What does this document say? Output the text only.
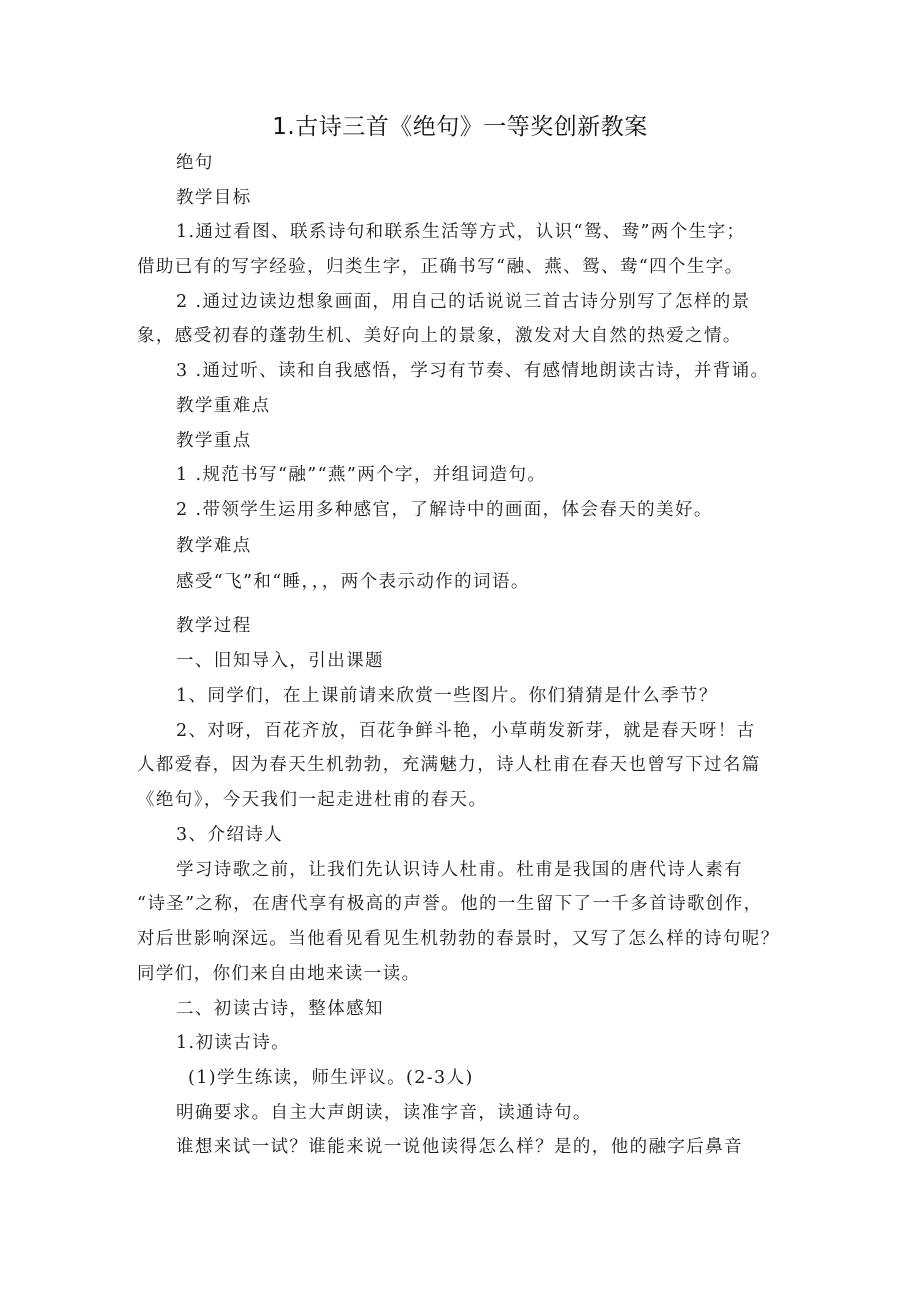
1.古诗三首《绝句》一等奖创新教案

绝句

教学目标

1.通过看图、联系诗句和联系生活等方式，认识“鸳、鸯”两个生字；

借助已有的写字经验，归类生字，正确书写“融、燕、鸳、鸯“四个生字。

2 .通过边读边想象画面，用自己的话说说三首古诗分别写了怎样的景

象，感受初春的蓬勃生机、美好向上的景象，激发对大自然的热爱之情。

3 .通过听、读和自我感悟，学习有节奏、有感情地朗读古诗，并背诵。

教学重难点

教学重点

1 .规范书写“融”“燕”两个字，并组词造句。

2 .带领学生运用多种感官，了解诗中的画面，体会春天的美好。

教学难点

感受“飞”和“睡，，，两个表示动作的词语。

教学过程

一、旧知导入，引出课题

1、同学们，在上课前请来欣赏一些图片。你们猜猜是什么季节？

2、对呀，百花齐放，百花争鲜斗艳，小草萌发新芽，就是春天呀！古

人都爱春，因为春天生机勃勃，充满魅力，诗人杜甫在春天也曾写下过名篇

《绝句》，今天我们一起走进杜甫的春天。

3、介绍诗人

学习诗歌之前，让我们先认识诗人杜甫。杜甫是我国的唐代诗人素有

“诗圣”之称，在唐代享有极高的声誉。他的一生留下了一千多首诗歌创作，

对后世影响深远。当他看见看见生机勃勃的春景时，又写了怎么样的诗句呢？

同学们，你们来自由地来读一读。

二、初读古诗，整体感知

1.初读古诗。

(1)学生练读，师生评议。(2-3人)

明确要求。自主大声朗读，读准字音，读通诗句。

谁想来试一试？谁能来说一说他读得怎么样？是的，他的融字后鼻音
